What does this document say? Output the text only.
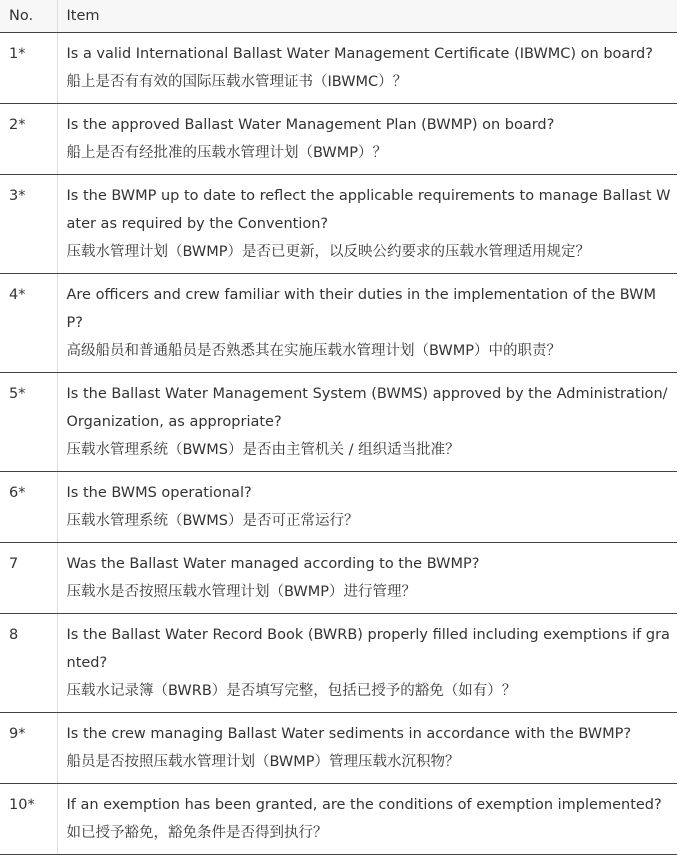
No.	Item
1*	Is a valid International Ballast Water Management Certificate (IBWMC) on board?
船上是否有有效的国际压载水管理证书（IBWMC）？

2*	Is the approved Ballast Water Management Plan (BWMP) on board?
船上是否有经批准的压载水管理计划（BWMP）？

3*	Is the BWMP up to date to reflect the applicable requirements to manage Ballast Water as required by the Convention?
压载水管理计划（BWMP）是否已更新，以反映公约要求的压载水管理适用规定？

4*	Are officers and crew familiar with their duties in the implementation of the BWMP?
高级船员和普通船员是否熟悉其在实施压载水管理计划（BWMP）中的职责？

5*	Is the Ballast Water Management System (BWMS) approved by the Administration/Organization, as appropriate?
压载水管理系统（BWMS）是否由主管机关 / 组织适当批准？

6*	Is the BWMS operational?
压载水管理系统（BWMS）是否可正常运行？

7	Was the Ballast Water managed according to the BWMP?
压载水是否按照压载水管理计划（BWMP）进行管理？

8	Is the Ballast Water Record Book (BWRB) properly filled including exemptions if granted?
压载水记录簿（BWRB）是否填写完整，包括已授予的豁免（如有）？

9*	Is the crew managing Ballast Water sediments in accordance with the BWMP?
船员是否按照压载水管理计划（BWMP）管理压载水沉积物？

10*	If an exemption has been granted, are the conditions of exemption implemented?
如已授予豁免，豁免条件是否得到执行？
